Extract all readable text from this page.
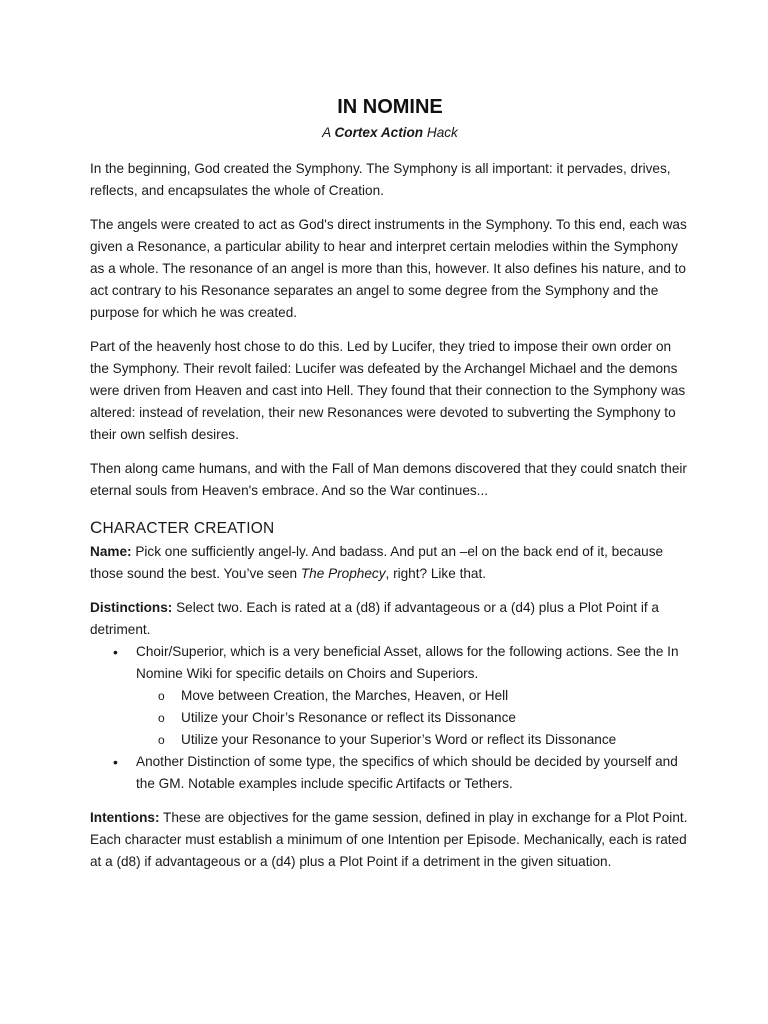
IN NOMINE
A Cortex Action Hack

In the beginning, God created the Symphony. The Symphony is all important: it pervades, drives, reflects, and encapsulates the whole of Creation.

The angels were created to act as God's direct instruments in the Symphony. To this end, each was given a Resonance, a particular ability to hear and interpret certain melodies within the Symphony as a whole. The resonance of an angel is more than this, however. It also defines his nature, and to act contrary to his Resonance separates an angel to some degree from the Symphony and the purpose for which he was created.

Part of the heavenly host chose to do this. Led by Lucifer, they tried to impose their own order on the Symphony. Their revolt failed: Lucifer was defeated by the Archangel Michael and the demons were driven from Heaven and cast into Hell. They found that their connection to the Symphony was altered: instead of revelation, their new Resonances were devoted to subverting the Symphony to their own selfish desires.

Then along came humans, and with the Fall of Man demons discovered that they could snatch their eternal souls from Heaven's embrace. And so the War continues...

CHARACTER CREATION

Name: Pick one sufficiently angel-ly. And badass. And put an –el on the back end of it, because those sound the best. You’ve seen The Prophecy, right? Like that.

Distinctions: Select two. Each is rated at a (d8) if advantageous or a (d4) plus a Plot Point if a detriment.
• Choir/Superior, which is a very beneficial Asset, allows for the following actions. See the In Nomine Wiki for specific details on Choirs and Superiors.
o Move between Creation, the Marches, Heaven, or Hell
o Utilize your Choir’s Resonance or reflect its Dissonance
o Utilize your Resonance to your Superior’s Word or reflect its Dissonance
• Another Distinction of some type, the specifics of which should be decided by yourself and the GM. Notable examples include specific Artifacts or Tethers.

Intentions: These are objectives for the game session, defined in play in exchange for a Plot Point. Each character must establish a minimum of one Intention per Episode. Mechanically, each is rated at a (d8) if advantageous or a (d4) plus a Plot Point if a detriment in the given situation.
